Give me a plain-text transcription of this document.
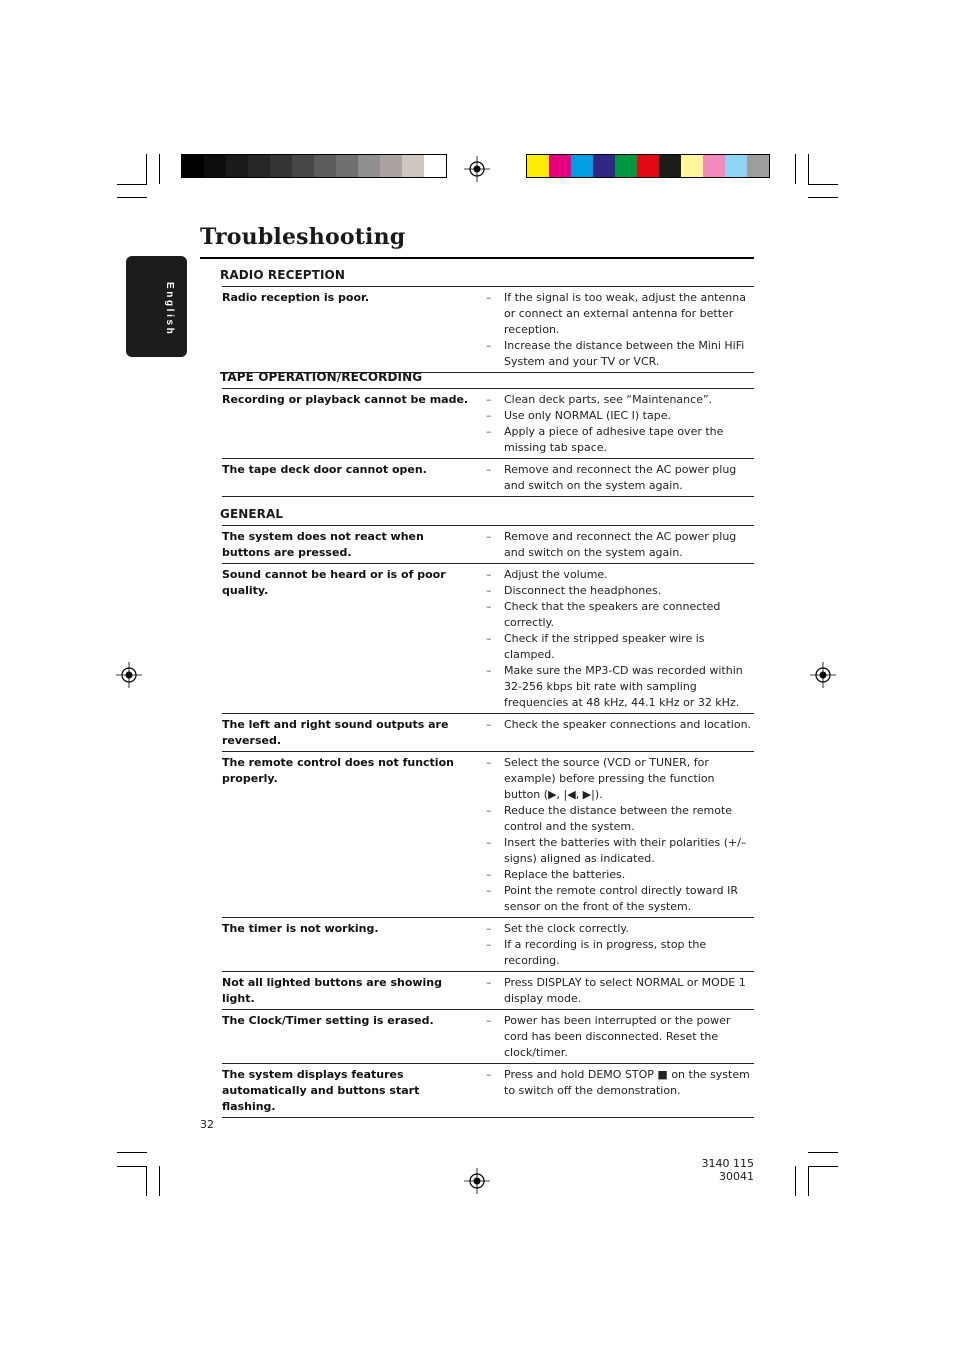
Troubleshooting
English
RADIO RECEPTION
Radio reception is poor.	– If the signal is too weak, adjust the antenna or connect an external antenna for better reception.
– Increase the distance between the Mini HiFi System and your TV or VCR.
TAPE OPERATION/RECORDING
Recording or playback cannot be made.	– Clean deck parts, see “Maintenance”.
– Use only NORMAL (IEC I) tape.
– Apply a piece of adhesive tape over the missing tab space.
The tape deck door cannot open.	– Remove and reconnect the AC power plug and switch on the system again.
GENERAL
The system does not react when buttons are pressed.
– Remove and reconnect the AC power plug and switch on the system again.
Sound cannot be heard or is of poor quality.
– Adjust the volume.
– Disconnect the headphones.
– Check that the speakers are connected correctly.
– Check if the stripped speaker wire is clamped.
– Make sure the MP3-CD was recorded within 32-256 kbps bit rate with sampling frequencies at 48 kHz, 44.1 kHz or 32 kHz.
The left and right sound outputs are reversed.
– Check the speaker connections and location.
The remote control does not function properly.
– Select the source (VCD or TUNER, for example) before pressing the function button (▶, |◀, ▶|).
– Reduce the distance between the remote control and the system.
– Insert the batteries with their polarities (+/– signs) aligned as indicated.
– Replace the batteries.
– Point the remote control directly toward IR sensor on the front of the system.
The timer is not working.	– Set the clock correctly.
– If a recording is in progress, stop the recording.
Not all lighted buttons are showing light.
– Press DISPLAY to select NORMAL or MODE 1 display mode.
The Clock/Timer setting is erased.	– Power has been interrupted or the power cord has been disconnected. Reset the clock/timer.
The system displays features automatically and buttons start flashing.
– Press and hold DEMO STOP ■ on the system to switch off the demonstration.
32
3140 115 30041
